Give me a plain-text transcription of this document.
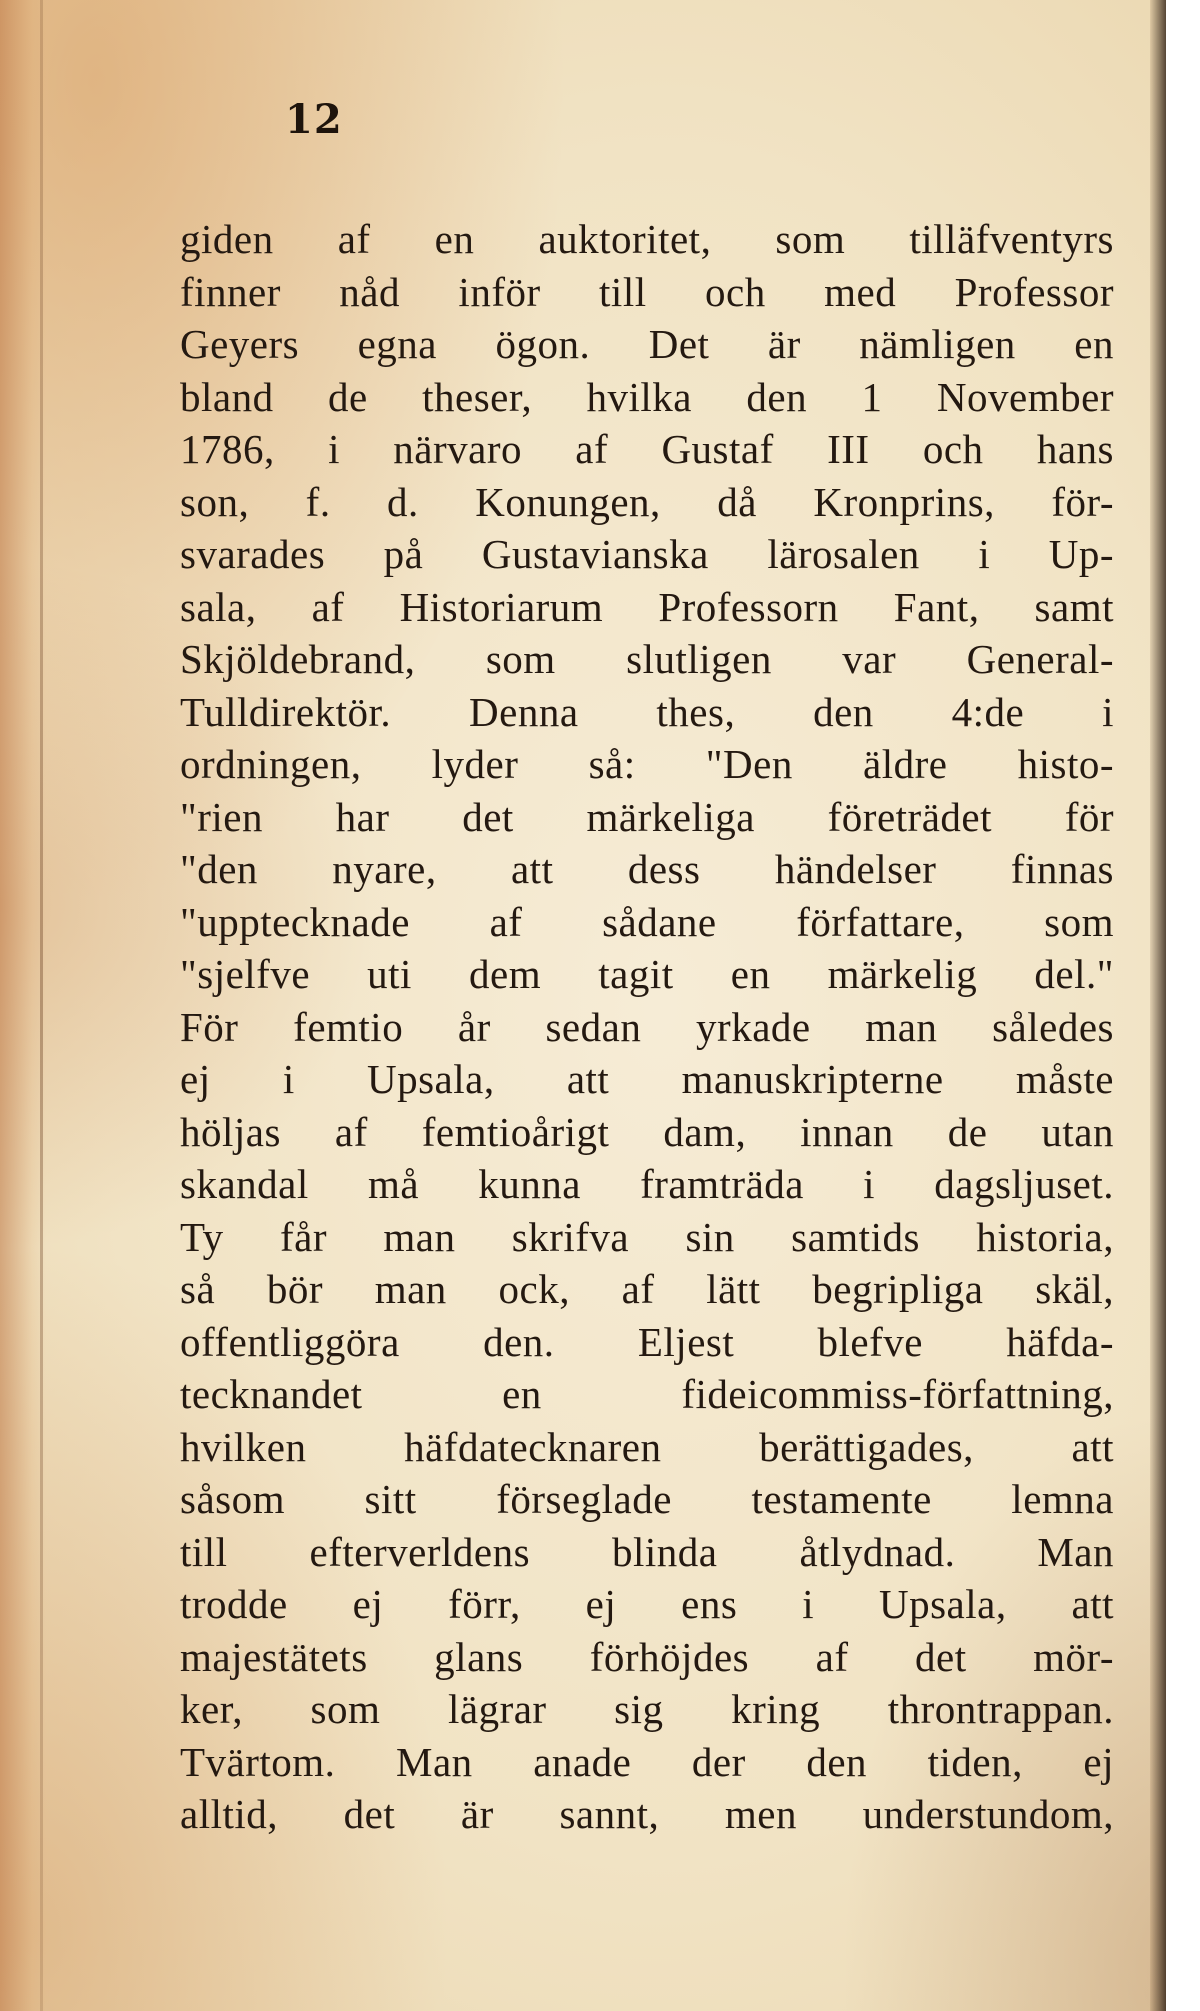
12
giden af en auktoritet, som tilläfventyrs
finner nåd inför till och med Professor
Geyers egna ögon. Det är nämligen en
bland de theser, hvilka den 1 November
1786, i närvaro af Gustaf III och hans
son, f. d. Konungen, då Kronprins, för-
svarades på Gustavianska lärosalen i Up-
sala, af Historiarum Professorn Fant, samt
Skjöldebrand, som slutligen var General-
Tulldirektör. Denna thes, den 4:de i
ordningen, lyder så: "Den äldre histo-
"rien har det märkeliga företrädet för
"den nyare, att dess händelser finnas
"upptecknade af sådane författare, som
"sjelfve uti dem tagit en märkelig del."
För femtio år sedan yrkade man således
ej i Upsala, att manuskripterne måste
höljas af femtioårigt dam, innan de utan
skandal må kunna framträda i dagsljuset.
Ty får man skrifva sin samtids historia,
så bör man ock, af lätt begripliga skäl,
offentliggöra den. Eljest blefve häfda-
tecknandet en fideicommiss-författning,
hvilken häfdatecknaren berättigades, att
såsom sitt förseglade testamente lemna
till efterverldens blinda åtlydnad. Man
trodde ej förr, ej ens i Upsala, att
majestätets glans förhöjdes af det mör-
ker, som lägrar sig kring throntrappan.
Tvärtom. Man anade der den tiden, ej
alltid, det är sannt, men understundom,
